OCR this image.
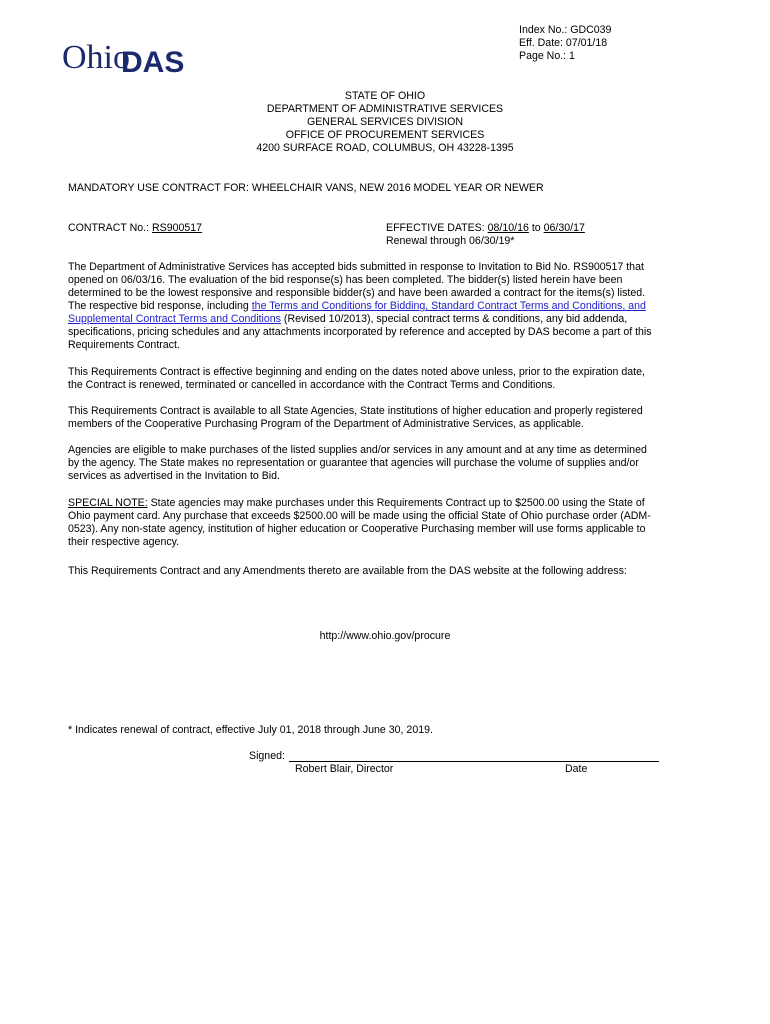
Ohio
DAS
Index No.: GDC039
Eff. Date: 07/01/18
Page No.: 1
STATE OF OHIO
DEPARTMENT OF ADMINISTRATIVE SERVICES
GENERAL SERVICES DIVISION
OFFICE OF PROCUREMENT SERVICES
4200 SURFACE ROAD, COLUMBUS, OH 43228-1395
MANDATORY USE CONTRACT FOR: WHEELCHAIR VANS, NEW 2016 MODEL YEAR OR NEWER
CONTRACT No.: RS900517	EFFECTIVE DATES: 08/10/16 to 06/30/17
Renewal through 06/30/19*
The Department of Administrative Services has accepted bids submitted in response to Invitation to Bid No. RS900517 that
opened on 06/03/16. The evaluation of the bid response(s) has been completed. The bidder(s) listed herein have been
determined to be the lowest responsive and responsible bidder(s) and have been awarded a contract for the items(s) listed.
The respective bid response, including the Terms and Conditions for Bidding, Standard Contract Terms and Conditions, and
Supplemental Contract Terms and Conditions (Revised 10/2013), special contract terms & conditions, any bid addenda,
specifications, pricing schedules and any attachments incorporated by reference and accepted by DAS become a part of this
Requirements Contract.
This Requirements Contract is effective beginning and ending on the dates noted above unless, prior to the expiration date,
the Contract is renewed, terminated or cancelled in accordance with the Contract Terms and Conditions.
This Requirements Contract is available to all State Agencies, State institutions of higher education and properly registered
members of the Cooperative Purchasing Program of the Department of Administrative Services, as applicable.
Agencies are eligible to make purchases of the listed supplies and/or services in any amount and at any time as determined
by the agency. The State makes no representation or guarantee that agencies will purchase the volume of supplies and/or
services as advertised in the Invitation to Bid.
SPECIAL NOTE: State agencies may make purchases under this Requirements Contract up to $2500.00 using the State of
Ohio payment card. Any purchase that exceeds $2500.00 will be made using the official State of Ohio purchase order (ADM-
0523). Any non-state agency, institution of higher education or Cooperative Purchasing member will use forms applicable to
their respective agency.
This Requirements Contract and any Amendments thereto are available from the DAS website at the following address:
http://www.ohio.gov/procure
* Indicates renewal of contract, effective July 01, 2018 through June 30, 2019.
Signed:
Robert Blair, Director	Date
